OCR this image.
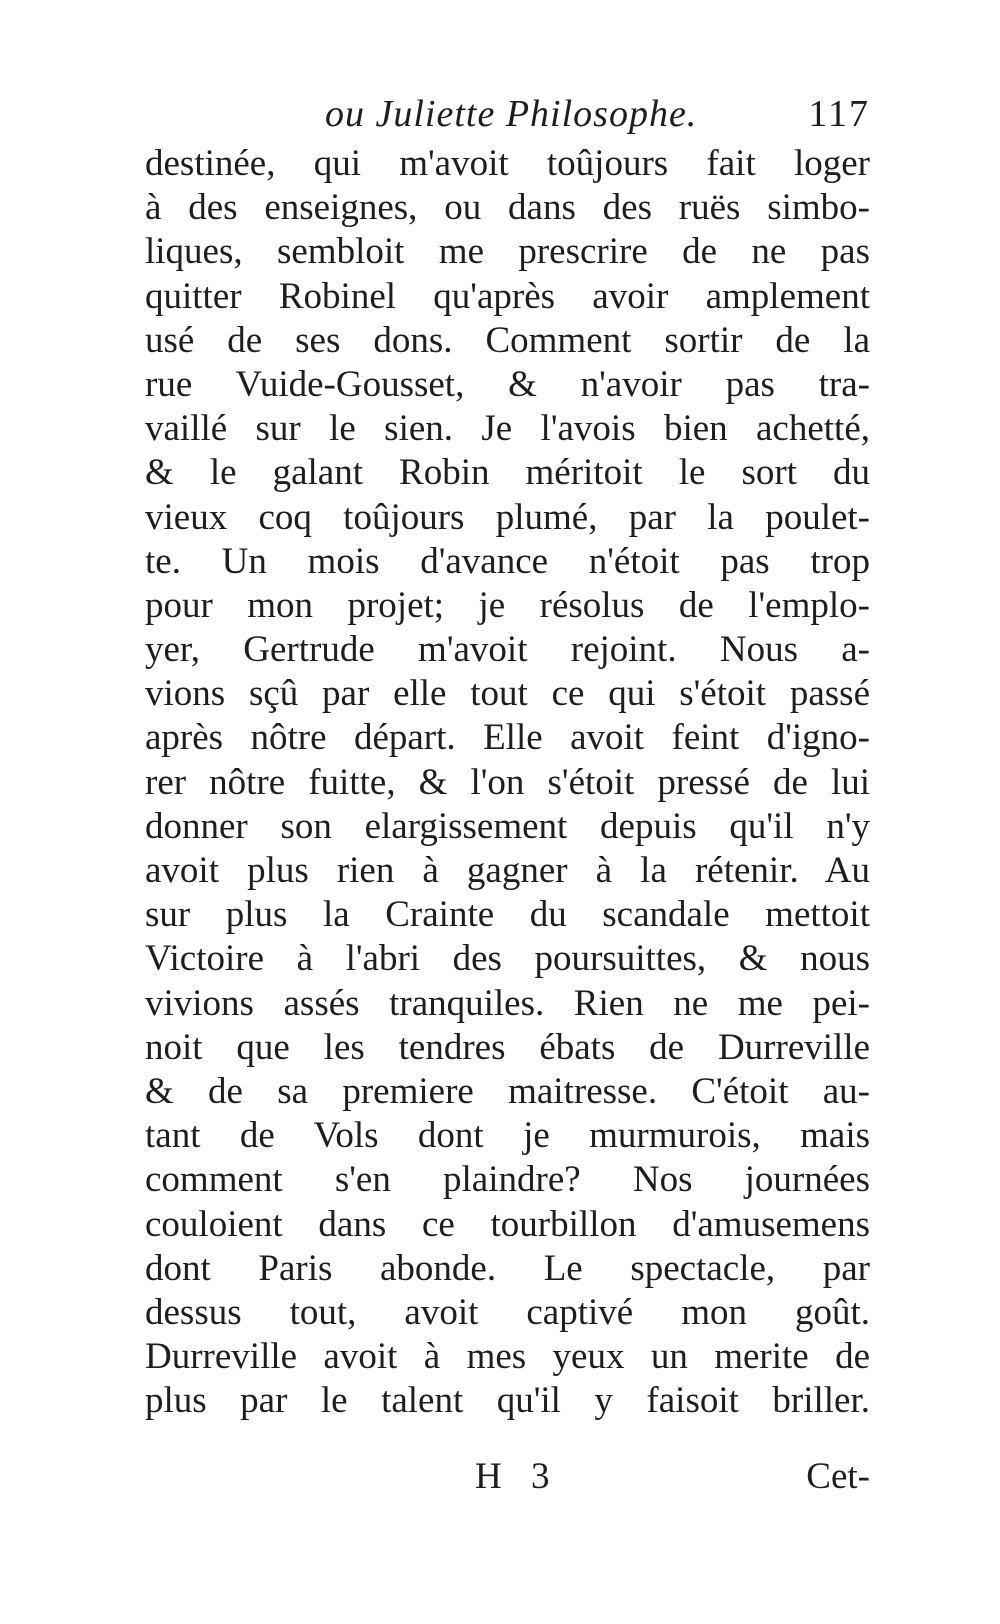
ou Juliette Philosophe.	117
destinée, qui m'avoit toûjours fait loger
à des enseignes, ou dans des ruës simbo-
liques, sembloit me prescrire de ne pas
quitter Robinel qu'après avoir amplement
usé de ses dons. Comment sortir de la
rue Vuide-Gousset, & n'avoir pas tra-
vaillé sur le sien. Je l'avois bien achetté,
& le galant Robin méritoit le sort du
vieux coq toûjours plumé, par la poulet-
te. Un mois d'avance n'étoit pas trop
pour mon projet; je résolus de l'emplo-
yer, Gertrude m'avoit rejoint. Nous a-
vions sçû par elle tout ce qui s'étoit passé
après nôtre départ. Elle avoit feint d'igno-
rer nôtre fuitte, & l'on s'étoit pressé de lui
donner son elargissement depuis qu'il n'y
avoit plus rien à gagner à la rétenir. Au
sur plus la Crainte du scandale mettoit
Victoire à l'abri des poursuittes, & nous
vivions assés tranquiles. Rien ne me pei-
noit que les tendres ébats de Durreville
& de sa premiere maitresse. C'étoit au-
tant de Vols dont je murmurois, mais
comment s'en plaindre? Nos journées
couloient dans ce tourbillon d'amusemens
dont Paris abonde. Le spectacle, par
dessus tout, avoit captivé mon goût.
Durreville avoit à mes yeux un merite de
plus par le talent qu'il y faisoit briller.
H 3	Cet-
